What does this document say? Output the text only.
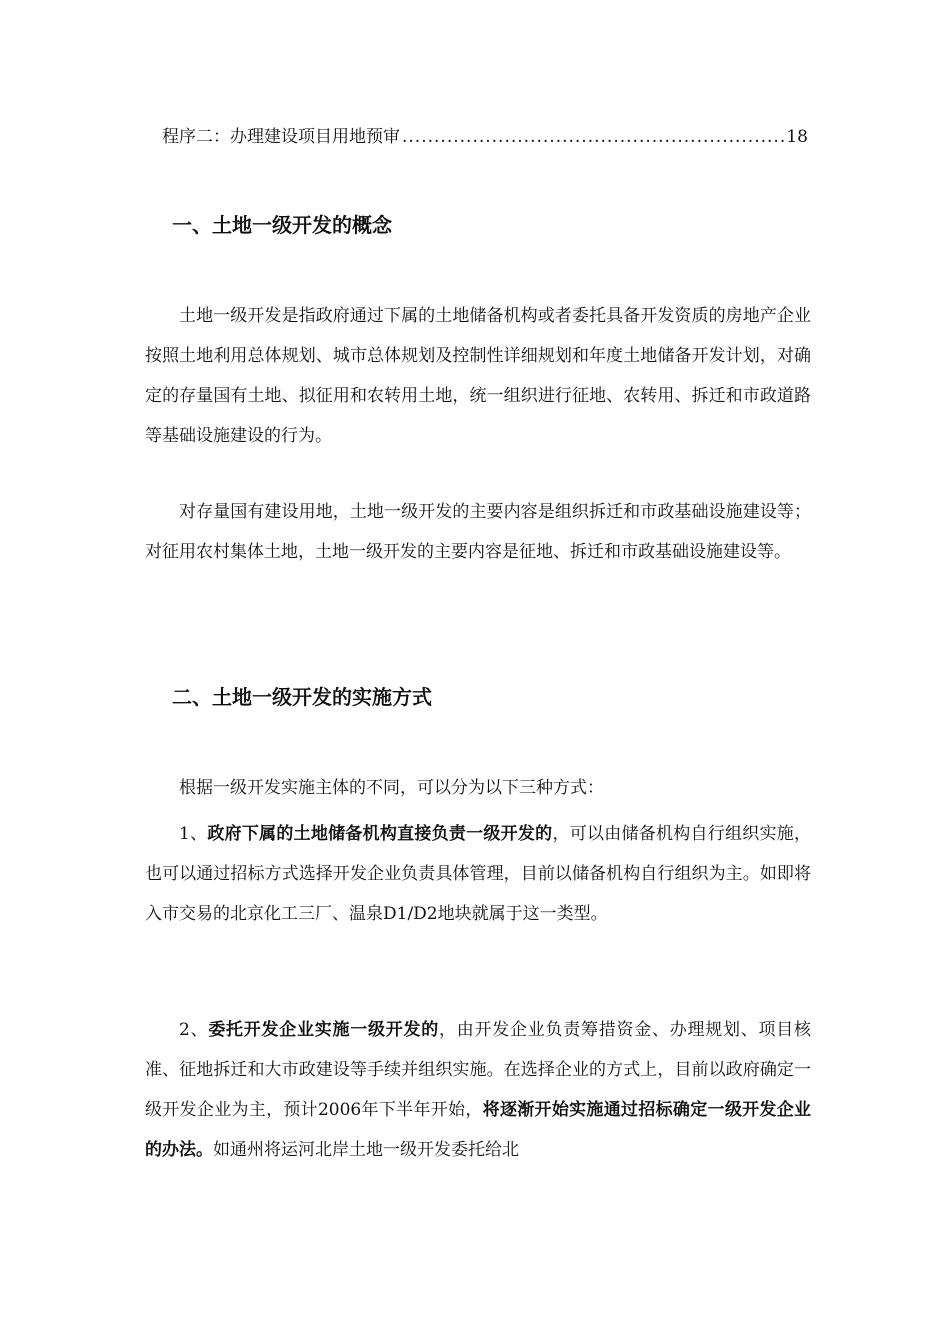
程序二：办理建设项目用地预审
.....	18
一、土地一级开发的概念

土地一级开发是指政府通过下属的土地储备机构或者委托具备开发资质的房地产企业按照土地利用总体规划、城市总体规划及控制性详细规划和年度土地储备开发计划，对确定的存量国有土地、拟征用和农转用土地，统一组织进行征地、农转用、拆迁和市政道路等基础设施建设的行为。

对存量国有建设用地，土地一级开发的主要内容是组织拆迁和市政基础设施建设等；对征用农村集体土地，土地一级开发的主要内容是征地、拆迁和市政基础设施建设等。

二、土地一级开发的实施方式

根据一级开发实施主体的不同，可以分为以下三种方式：

1、政府下属的土地储备机构直接负责一级开发的，可以由储备机构自行组织实施，也可以通过招标方式选择开发企业负责具体管理，目前以储备机构自行组织为主。如即将入市交易的北京化工三厂、温泉D1/D2地块就属于这一类型。

2、委托开发企业实施一级开发的，由开发企业负责筹措资金、办理规划、项目核准、征地拆迁和大市政建设等手续并组织实施。在选择企业的方式上，目前以政府确定一级开发企业为主，预计2006年下半年开始，将逐渐开始实施通过招标确定一级开发企业的办法。如通州将运河北岸土地一级开发委托给北
